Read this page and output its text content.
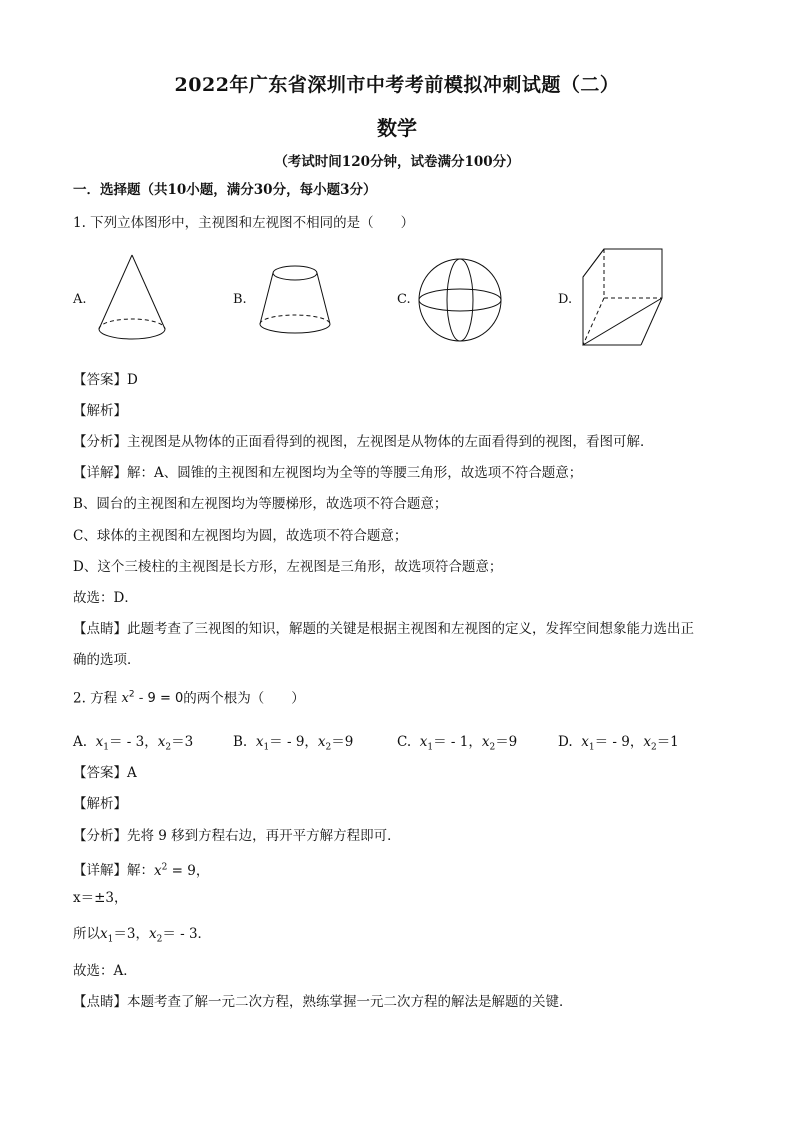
2022年广东省深圳市中考考前模拟冲刺试题（二）
数学
（考试时间120分钟，试卷满分100分）
一．选择题（共10小题，满分30分，每小题3分）
1. 下列立体图形中，主视图和左视图不相同的是（　　）
A.	B.	C.	D.
【答案】D
【解析】
【分析】主视图是从物体的正面看得到的视图，左视图是从物体的左面看得到的视图，看图可解．
【详解】解：A、圆锥的主视图和左视图均为全等的等腰三角形，故选项不符合题意；
B、圆台的主视图和左视图均为等腰梯形，故选项不符合题意；
C、球体的主视图和左视图均为圆，故选项不符合题意；
D、这个三棱柱的主视图是长方形，左视图是三角形，故选项符合题意；
故选：D．
【点睛】此题考查了三视图的知识，解题的关键是根据主视图和左视图的定义，发挥空间想象能力选出正
确的选项．
2. 方程 $x^2 - 9 = 0$的两个根为（　　）
A. $x_1= - 3$，$x_2=3$	B. $x_1= - 9$，$x_2=9$	C. $x_1= - 1$，$x_2=9$	D. $x_1= - 9$，$x_2=1$
【答案】A
【解析】
【分析】先将 9 移到方程右边，再开平方解方程即可．
【详解】解：$x^2 = 9$，
x＝±3，
所以$x_1=3$，$x_2= - 3$．
故选：A．
【点睛】本题考查了解一元二次方程，熟练掌握一元二次方程的解法是解题的关键．
